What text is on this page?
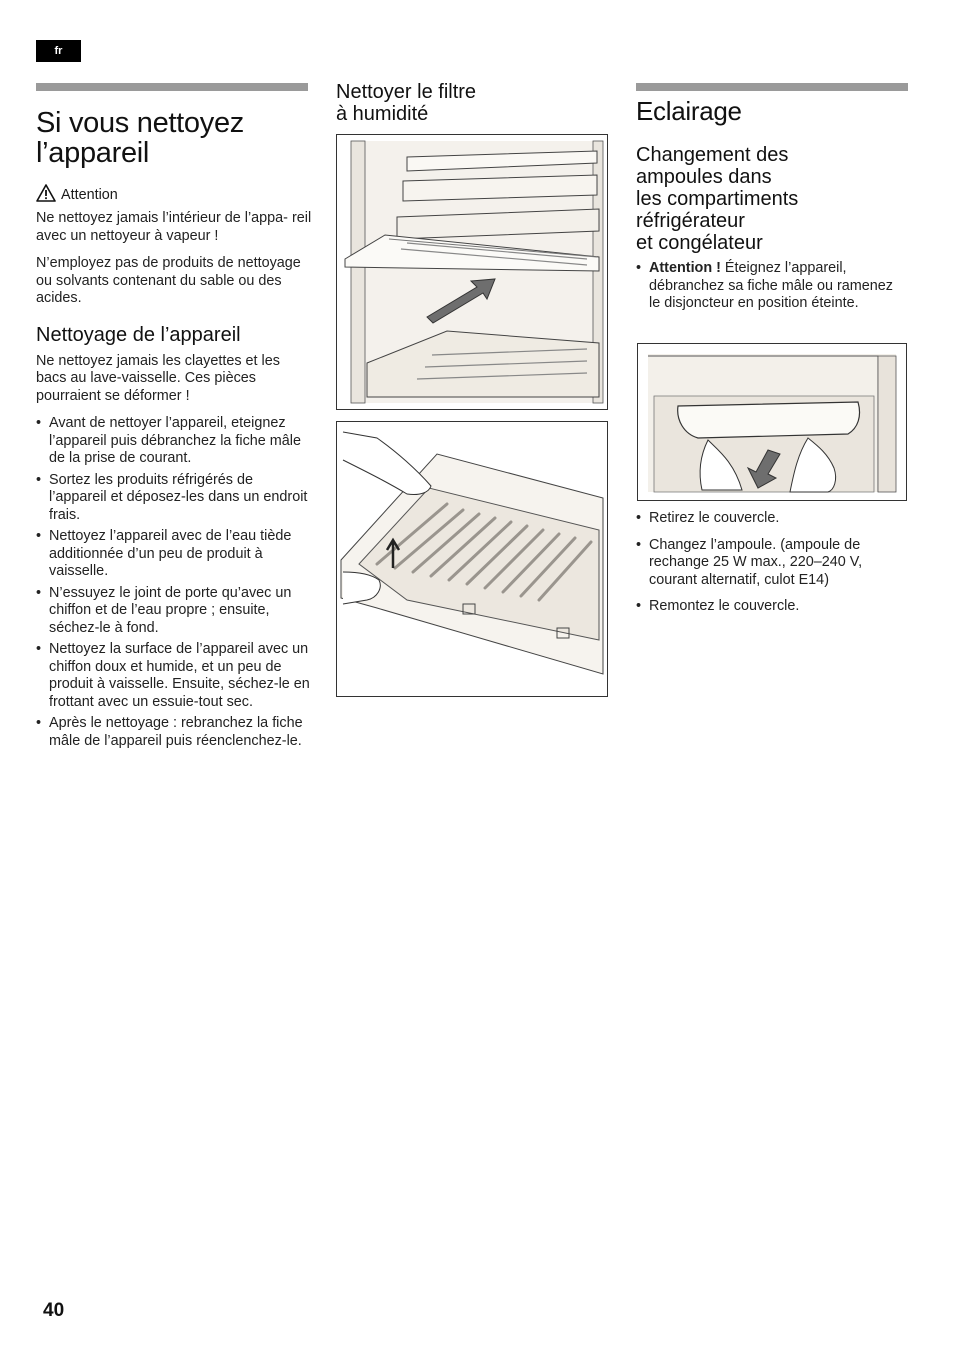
fr
Si vous nettoyez
l’appareil
Attention

Ne nettoyez jamais l’intérieur de l’appa- reil avec un nettoyeur à vapeur !

N’employez pas de produits de nettoyage ou solvants contenant du sable ou des acides.

Nettoyage de l’appareil

Ne nettoyez jamais les clayettes et les bacs au lave-vaisselle. Ces pièces pourraient se déformer !

• Avant de nettoyer l’appareil, eteignez l’appareil puis débranchez la fiche mâle de la prise de courant.
• Sortez les produits réfrigérés de l’appareil et déposez-les dans un endroit frais.
• Nettoyez l’appareil avec de l’eau tiède additionnée d’un peu de produit à vaisselle.
• N’essuyez le joint de porte qu’avec un chiffon et de l’eau propre ; ensuite, séchez-le à fond.
• Nettoyez la surface de l’appareil avec un chiffon doux et humide, et un peu de produit à vaisselle. Ensuite, séchez-le en frottant avec un essuie-tout sec.
• Après le nettoyage : rebranchez la fiche mâle de l’appareil puis réenclenchez-le.
Nettoyer le filtre
à humidité	Eclairage
Changement des
ampoules dans
les compartiments
réfrigérateur
et congélateur
• Attention ! Éteignez l’appareil, débranchez sa fiche mâle ou ramenez le disjoncteur en position éteinte.
• Retirez le couvercle.
• Changez l’ampoule. (ampoule de rechange 25 W max., 220–240 V, courant alternatif, culot E14)
• Remontez le couvercle.
40
